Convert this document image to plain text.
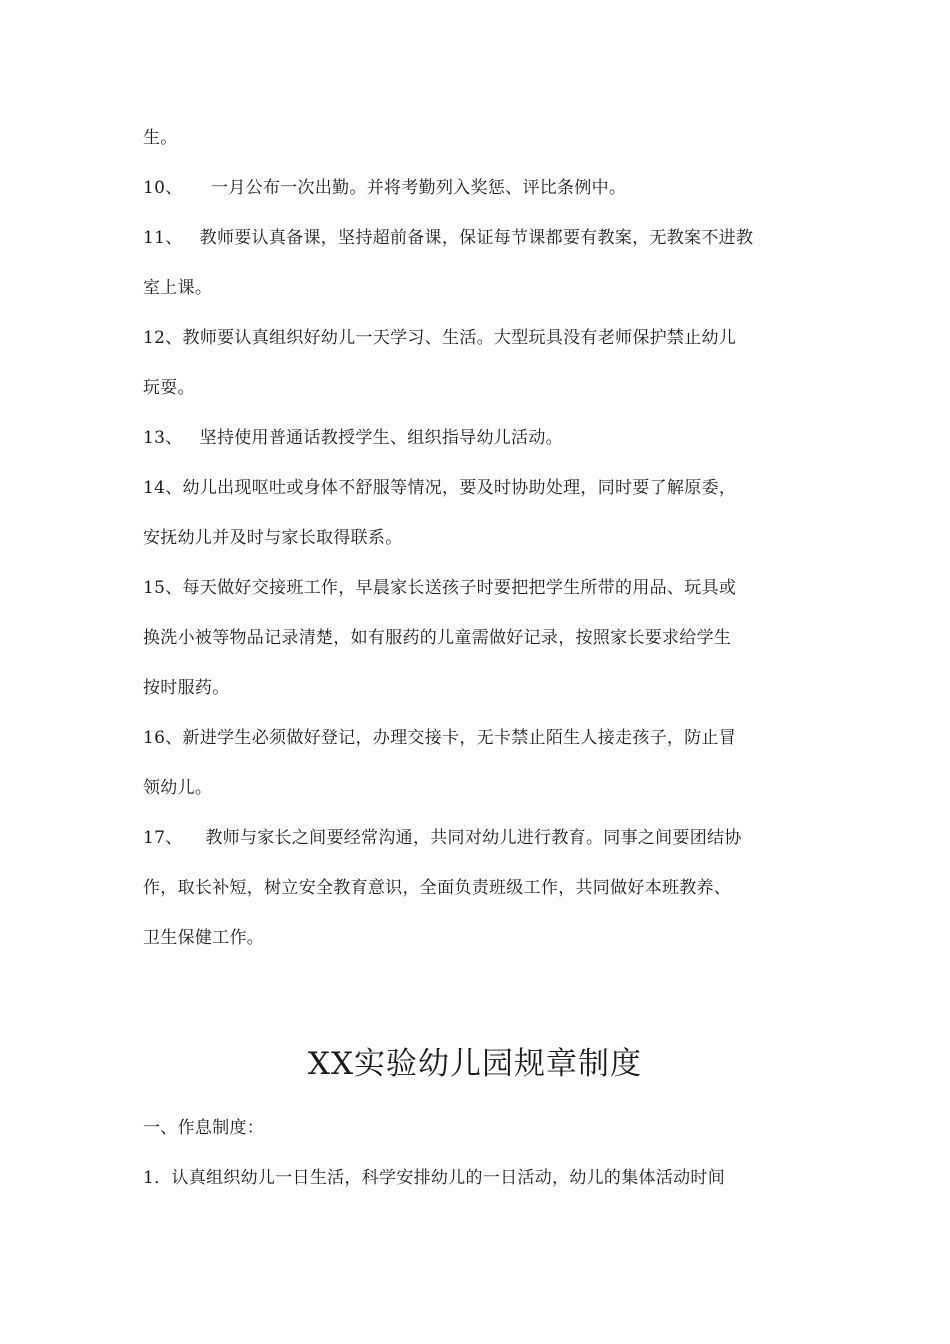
生。
10、     一月公布一次出勤。并将考勤列入奖惩、评比条例中。
11、   教师要认真备课，坚持超前备课，保证每节课都要有教案，无教案不进教
室上课。
12、教师要认真组织好幼儿一天学习、生活。大型玩具没有老师保护禁止幼儿
玩耍。
13、   坚持使用普通话教授学生、组织指导幼儿活动。
14、幼儿出现呕吐或身体不舒服等情况，要及时协助处理，同时要了解原委，
安抚幼儿并及时与家长取得联系。
15、每天做好交接班工作，早晨家长送孩子时要把把学生所带的用品、玩具或
换洗小被等物品记录清楚，如有服药的儿童需做好记录，按照家长要求给学生
按时服药。
16、新进学生必须做好登记，办理交接卡，无卡禁止陌生人接走孩子，防止冒
领幼儿。
17、    教师与家长之间要经常沟通，共同对幼儿进行教育。同事之间要团结协
作，取长补短，树立安全教育意识，全面负责班级工作，共同做好本班教养、
卫生保健工作。
XX实验幼儿园规章制度
一、作息制度：
1．认真组织幼儿一日生活，科学安排幼儿的一日活动，幼儿的集体活动时间
